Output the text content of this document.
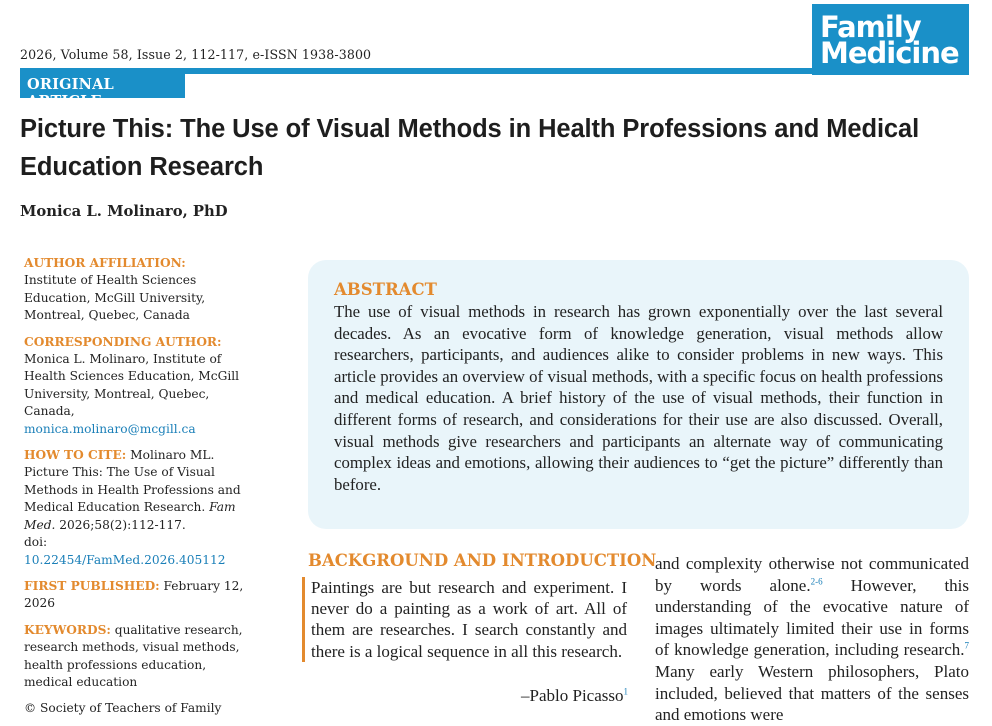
2026, Volume 58, Issue 2, 112-117, e-ISSN 1938-3800
Family
Medicine
ORIGINAL ARTICLE
Picture This: The Use of Visual Methods in Health Professions and Medical Education Research
Monica L. Molinaro, PhD
AUTHOR AFFILIATION:
Institute of Health Sciences Education, McGill University, Montreal, Quebec, Canada
CORRESPONDING AUTHOR:
Monica L. Molinaro, Institute of Health Sciences Education, McGill University, Montreal, Quebec, Canada,
monica.molinaro@mcgill.ca
HOW TO CITE: Molinaro ML. Picture This: The Use of Visual Methods in Health Professions and Medical Education Research. Fam Med. 2026;58(2):112-117.
doi: 10.22454/FamMed.2026.405112
FIRST PUBLISHED: February 12, 2026
KEYWORDS: qualitative research, research methods, visual methods, health professions education, medical education
© Society of Teachers of Family
ABSTRACT

The use of visual methods in research has grown exponentially over the last several decades. As an evocative form of knowledge generation, visual methods allow researchers, participants, and audiences alike to consider problems in new ways. This article provides an overview of visual methods, with a specific focus on health professions and medical education. A brief history of the use of visual methods, their function in different forms of research, and considerations for their use are also discussed. Overall, visual methods give researchers and participants an alternate way of communicating complex ideas and emotions, allowing their audiences to “get the picture” differently than before.

BACKGROUND AND INTRODUCTION
Paintings are but research and experiment. I never do a painting as a work of art. All of them are researches. I search constantly and there is a logical sequence in all this research.
–Pablo Picasso$^1$
and complexity otherwise not communicated by words alone.$^{2-6}$ However, this understanding of the evocative nature of images ultimately limited their use in forms of knowledge generation, including research.$^7$ Many early Western philosophers, Plato included, believed that matters of the senses and emotions were
